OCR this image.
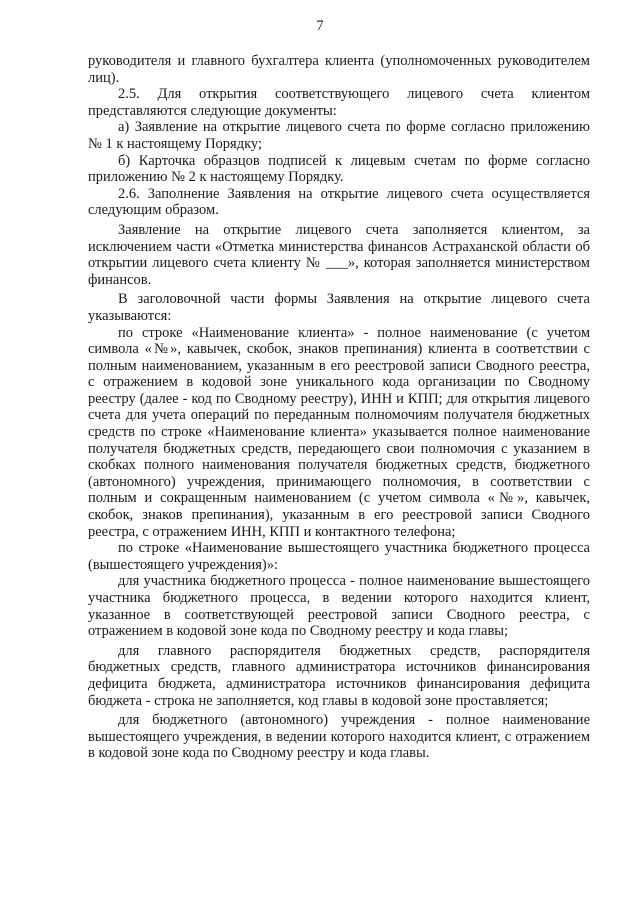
7

руководителя и главного бухгалтера клиента (уполномоченных руководителем лиц).

2.5. Для открытия соответствующего лицевого счета клиентом представляются следующие документы:

а) Заявление на открытие лицевого счета по форме согласно приложению № 1 к настоящему Порядку;

б) Карточка образцов подписей к лицевым счетам по форме согласно приложению № 2 к настоящему Порядку.

2.6. Заполнение Заявления на открытие лицевого счета осуществляется следующим образом.

Заявление на открытие лицевого счета заполняется клиентом, за исключением части «Отметка министерства финансов Астраханской области об открытии лицевого счета клиенту № ___», которая заполняется министерством финансов.

В заголовочной части формы Заявления на открытие лицевого счета указываются:

по строке «Наименование клиента» - полное наименование (с учетом символа «№», кавычек, скобок, знаков препинания) клиента в соответствии с полным наименованием, указанным в его реестровой записи Сводного реестра, с отражением в кодовой зоне уникального кода организации по Сводному реестру (далее - код по Сводному реестру), ИНН и КПП; для открытия лицевого счета для учета операций по переданным полномочиям получателя бюджетных средств по строке «Наименование клиента» указывается полное наименование получателя бюджетных средств, передающего свои полномочия с указанием в скобках полного наименования получателя бюджетных средств, бюджетного (автономного) учреждения, принимающего полномочия, в соответствии с полным и сокращенным наименованием (с учетом символа «№», кавычек, скобок, знаков препинания), указанным в его реестровой записи Сводного реестра, с отражением ИНН, КПП и контактного телефона;

по строке «Наименование вышестоящего участника бюджетного процесса (вышестоящего учреждения)»:

для участника бюджетного процесса - полное наименование вышестоящего участника бюджетного процесса, в ведении которого находится клиент, указанное в соответствующей реестровой записи Сводного реестра, с отражением в кодовой зоне кода по Сводному реестру и кода главы;

для главного распорядителя бюджетных средств, распорядителя бюджетных средств, главного администратора источников финансирования дефицита бюджета, администратора источников финансирования дефицита бюджета - строка не заполняется, код главы в кодовой зоне проставляется;

для бюджетного (автономного) учреждения - полное наименование вышестоящего учреждения, в ведении которого находится клиент, с отражением в кодовой зоне кода по Сводному реестру и кода главы.
